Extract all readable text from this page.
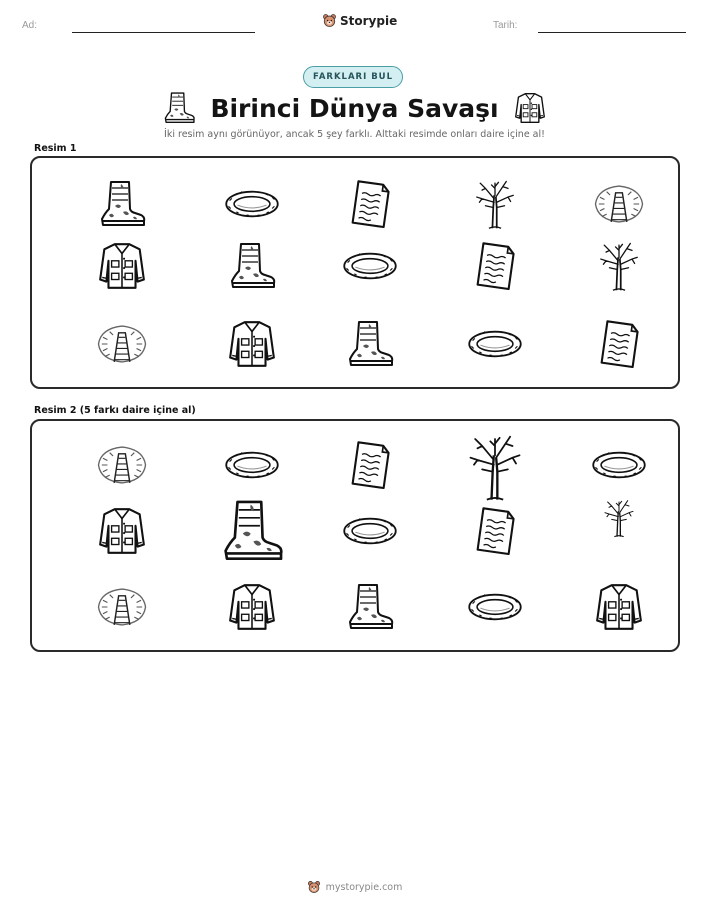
Ad:	Storypie	Tarih:
FARKLARI BUL
Birinci Dünya Savaşı
İki resim aynı görünüyor, ancak 5 şey farklı. Alttaki resimde onları daire içine al!
Resim 1
Resim 2 (5 farkı daire içine al)
mystorypie.com
